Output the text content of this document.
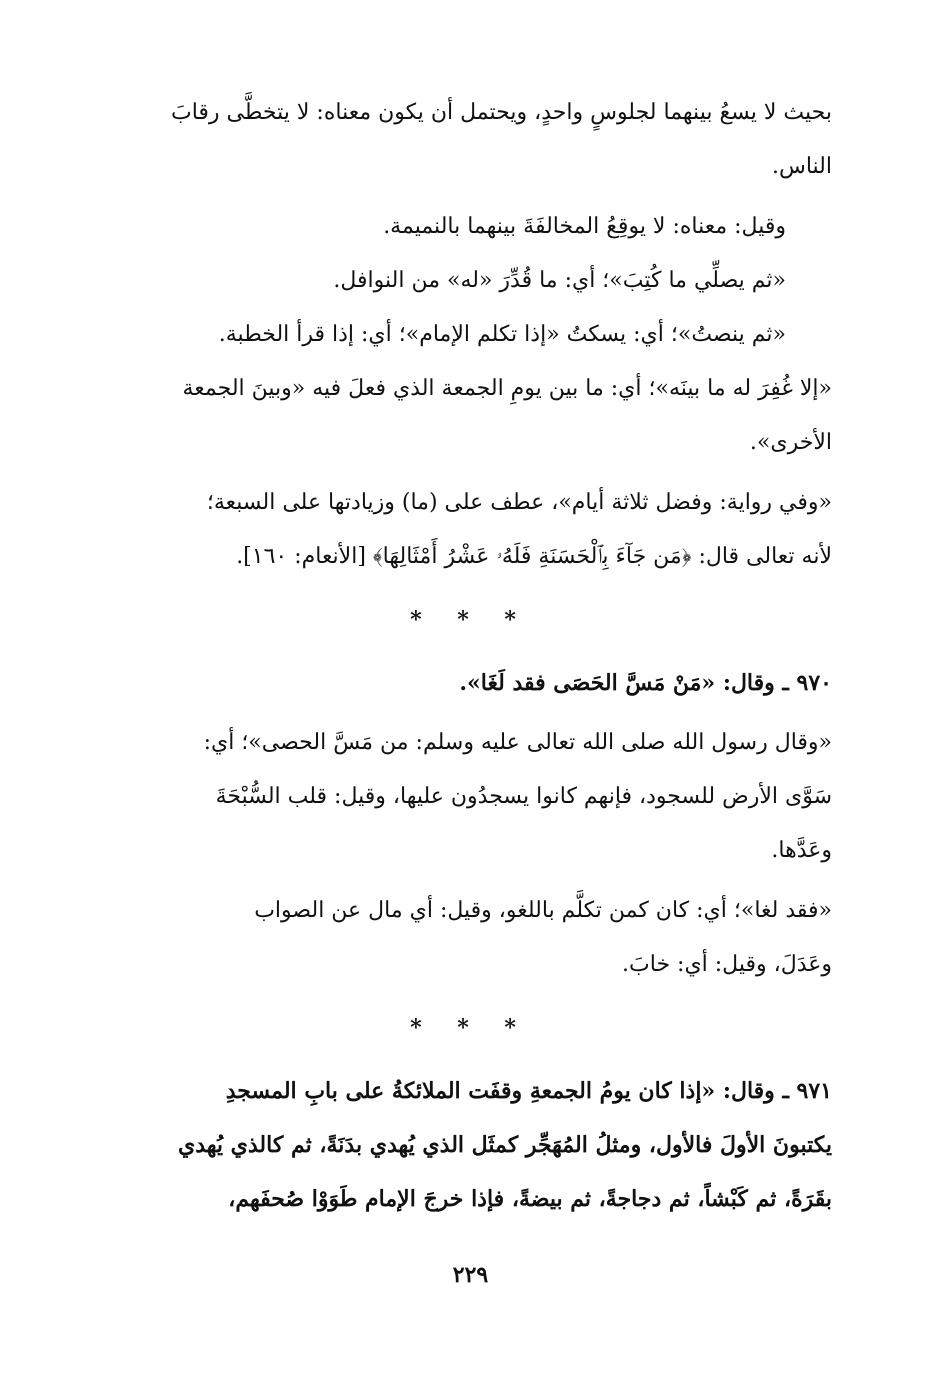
بحيث لا يسعُ بينهما لجلوسٍ واحدٍ، ويحتمل أن يكون معناه: لا يتخطَّى رقابَ
الناس.
وقيل: معناه: لا يوقِعُ المخالفَةَ بينهما بالنميمة.
«ثم يصلِّي ما كُتِبَ»؛ أي: ما قُدِّرَ «له» من النوافل.
«ثم ينصتُ»؛ أي: يسكتُ «إذا تكلم الإمام»؛ أي: إذا قرأ الخطبة.
«إلا غُفِرَ له ما بينَه»؛ أي: ما بين يومِ الجمعة الذي فعلَ فيه «وبينَ الجمعة
الأخرى».
«وفي رواية: وفضل ثلاثة أيام»، عطف على (ما) وزيادتها على السبعة؛
لأنه تعالى قال: ﴿مَن جَآءَ بِٱلْحَسَنَةِ فَلَهُۥ عَشْرُ أَمْثَالِهَا﴾ [الأنعام: ١٦٠].
* * *
٩٧٠ ـ وقال: «مَنْ مَسَّ الحَصَى فقد لَغَا».
«وقال رسول الله صلى الله تعالى عليه وسلم: من مَسَّ الحصى»؛ أي:
سَوَّى الأرض للسجود، فإنهم كانوا يسجدُون عليها، وقيل: قلب السُّبْحَةَ
وعَدَّها.
«فقد لغا»؛ أي: كان كمن تكلَّم باللغو، وقيل: أي مال عن الصواب
وعَدَلَ، وقيل: أي: خابَ.
* * *
٩٧١ ـ وقال: «إذا كان يومُ الجمعةِ وقفَت الملائكةُ على بابِ المسجدِ
يكتبونَ الأولَ فالأول، ومثلُ المُهَجِّر كمثَل الذي يُهدي بدَنَةً، ثم كالذي يُهدي
بقَرَةً، ثم كَبْشاً، ثم دجاجةً، ثم بيضةً، فإذا خرجَ الإمام طَوَوْا صُحفَهم،
٢٢٩
